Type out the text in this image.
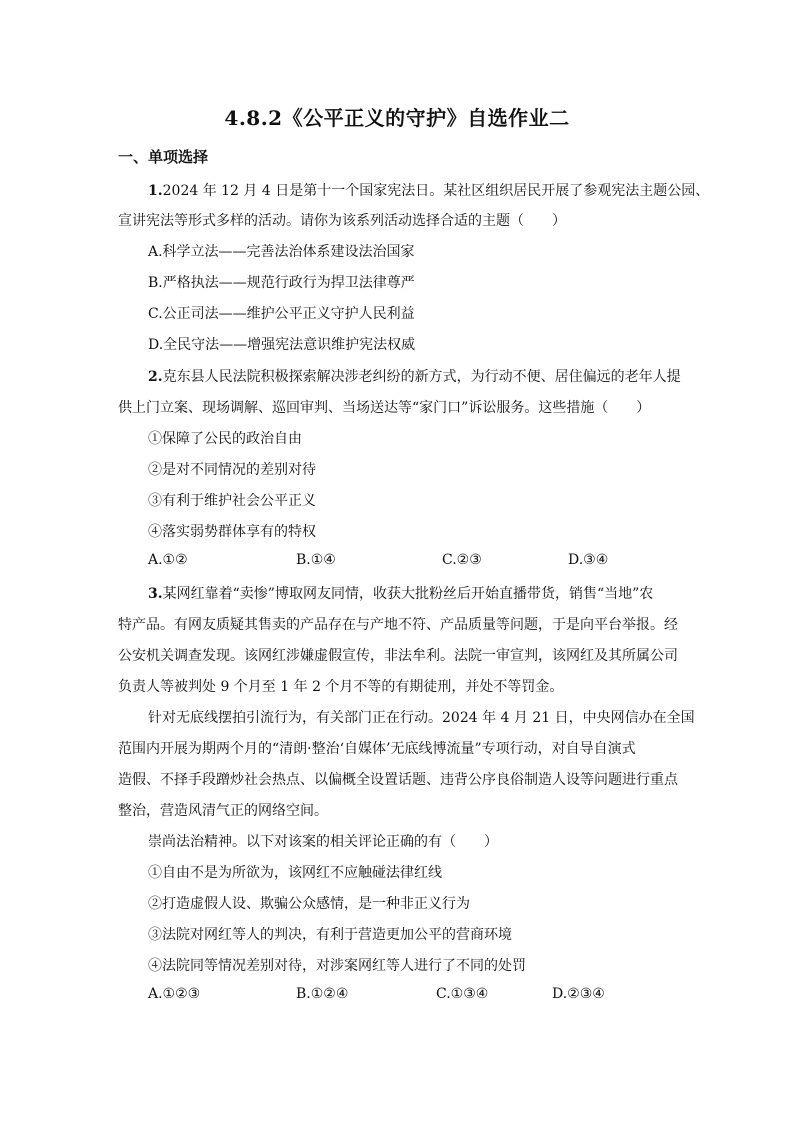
4.8.2《公平正义的守护》自选作业二
一、单项选择
1.2024 年 12 月 4 日是第十一个国家宪法日。某社区组织居民开展了参观宪法主题公园、
宣讲宪法等形式多样的活动。请你为该系列活动选择合适的主题（　　）
A.科学立法——完善法治体系建设法治国家
B.严格执法——规范行政行为捍卫法律尊严
C.公正司法——维护公平正义守护人民利益
D.全民守法——增强宪法意识维护宪法权威
2.克东县人民法院积极探索解决涉老纠纷的新方式，为行动不便、居住偏远的老年人提
供上门立案、现场调解、巡回审判、当场送达等“家门口”诉讼服务。这些措施（　　）
①保障了公民的政治自由
②是对不同情况的差别对待
③有利于维护社会公平正义
④落实弱势群体享有的特权
A.①②	B.①④	C.②③	D.③④
3.某网红靠着“卖惨”博取网友同情，收获大批粉丝后开始直播带货，销售“当地”农
特产品。有网友质疑其售卖的产品存在与产地不符、产品质量等问题，于是向平台举报。经
公安机关调查发现。该网红涉嫌虚假宣传，非法牟利。法院一审宣判，该网红及其所属公司
负责人等被判处 9 个月至 1 年 2 个月不等的有期徒刑，并处不等罚金。
针对无底线摆拍引流行为，有关部门正在行动。2024 年 4 月 21 日，中央网信办在全国
范围内开展为期两个月的“清朗·整治‘自媒体’无底线博流量”专项行动，对自导自演式
造假、不择手段蹭炒社会热点、以偏概全设置话题、违背公序良俗制造人设等问题进行重点
整治，营造风清气正的网络空间。
崇尚法治精神。以下对该案的相关评论正确的有（　　）
①自由不是为所欲为，该网红不应触碰法律红线
②打造虚假人设、欺骗公众感情，是一种非正义行为
③法院对网红等人的判决，有利于营造更加公平的营商环境
④法院同等情况差别对待，对涉案网红等人进行了不同的处罚
A.①②③	B.①②④	C.①③④	D.②③④
